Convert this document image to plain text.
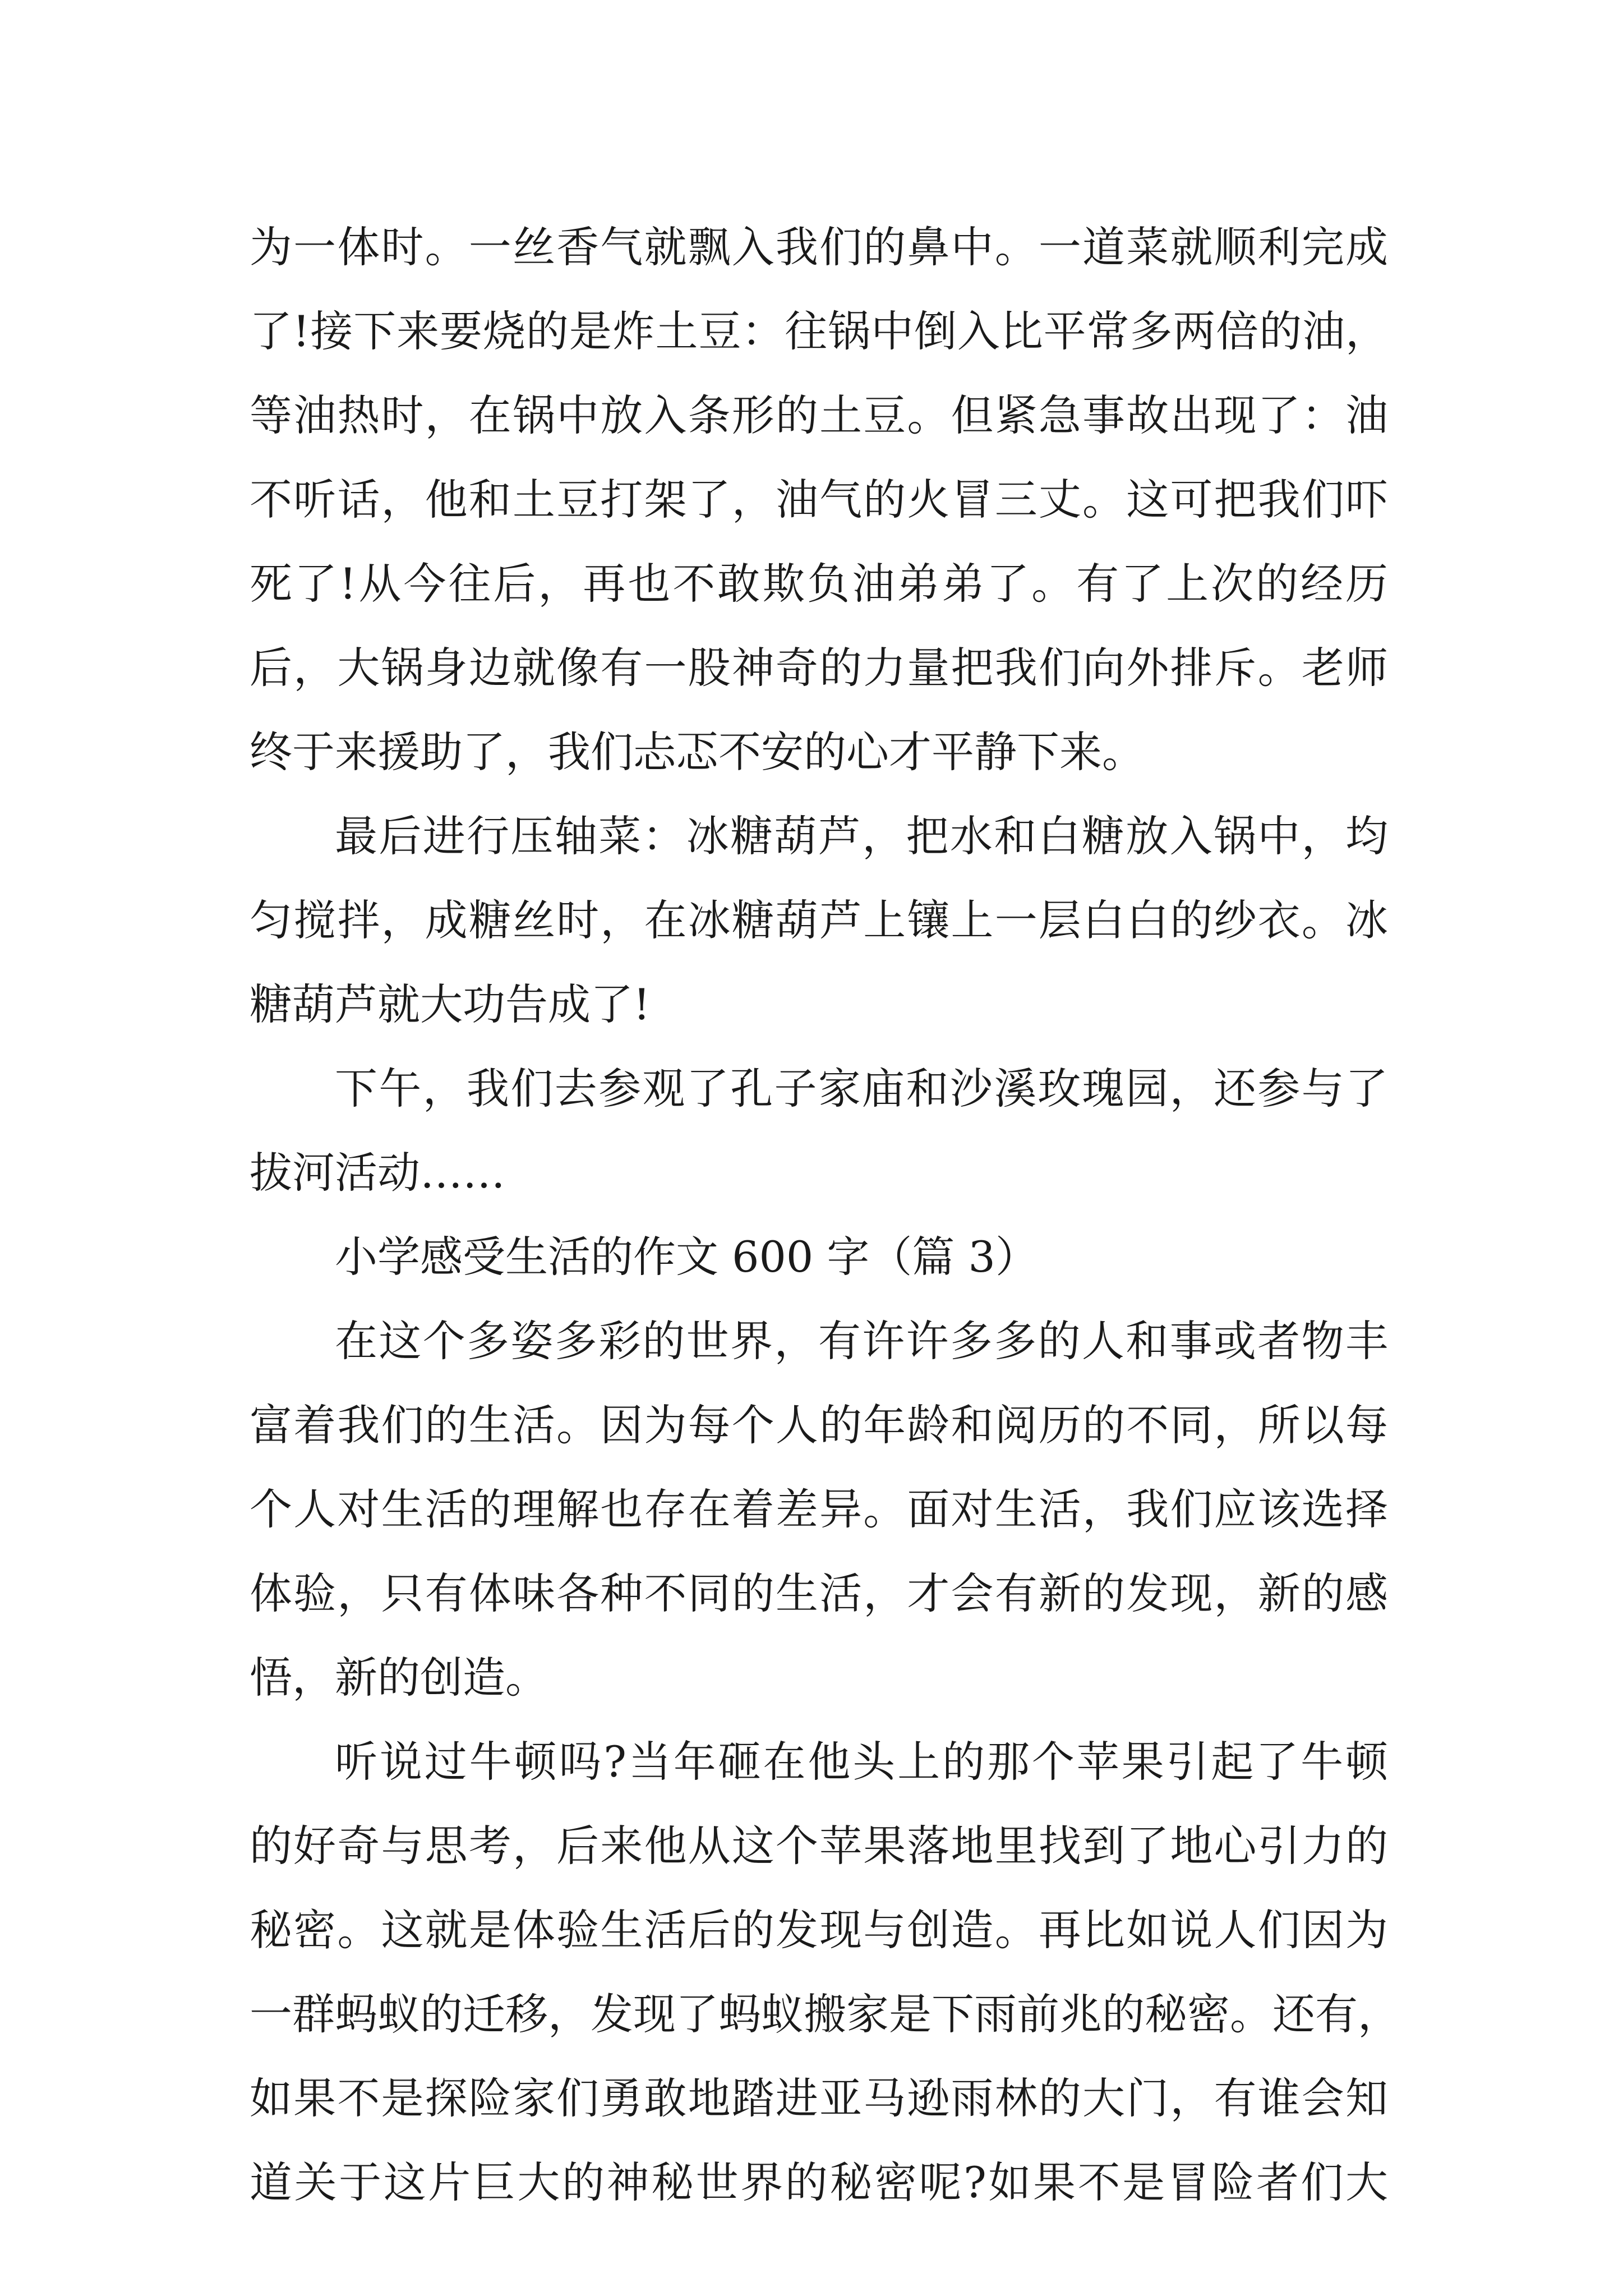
为一体时。一丝香气就飘入我们的鼻中。一道菜就顺利完成
了!接下来要烧的是炸土豆：往锅中倒入比平常多两倍的油，
等油热时，在锅中放入条形的土豆。但紧急事故出现了：油
不听话，他和土豆打架了，油气的火冒三丈。这可把我们吓
死了!从今往后，再也不敢欺负油弟弟了。有了上次的经历
后，大锅身边就像有一股神奇的力量把我们向外排斥。老师
终于来援助了，我们忐忑不安的心才平静下来。
最后进行压轴菜：冰糖葫芦，把水和白糖放入锅中，均
匀搅拌，成糖丝时，在冰糖葫芦上镶上一层白白的纱衣。冰
糖葫芦就大功告成了!
下午，我们去参观了孔子家庙和沙溪玫瑰园，还参与了
拔河活动……
小学感受生活的作文 600 字（篇 3）
在这个多姿多彩的世界，有许许多多的人和事或者物丰
富着我们的生活。因为每个人的年龄和阅历的不同，所以每
个人对生活的理解也存在着差异。面对生活，我们应该选择
体验，只有体味各种不同的生活，才会有新的发现，新的感
悟，新的创造。
听说过牛顿吗?当年砸在他头上的那个苹果引起了牛顿
的好奇与思考，后来他从这个苹果落地里找到了地心引力的
秘密。这就是体验生活后的发现与创造。再比如说人们因为
一群蚂蚁的迁移，发现了蚂蚁搬家是下雨前兆的秘密。还有，
如果不是探险家们勇敢地踏进亚马逊雨林的大门，有谁会知
道关于这片巨大的神秘世界的秘密呢?如果不是冒险者们大
